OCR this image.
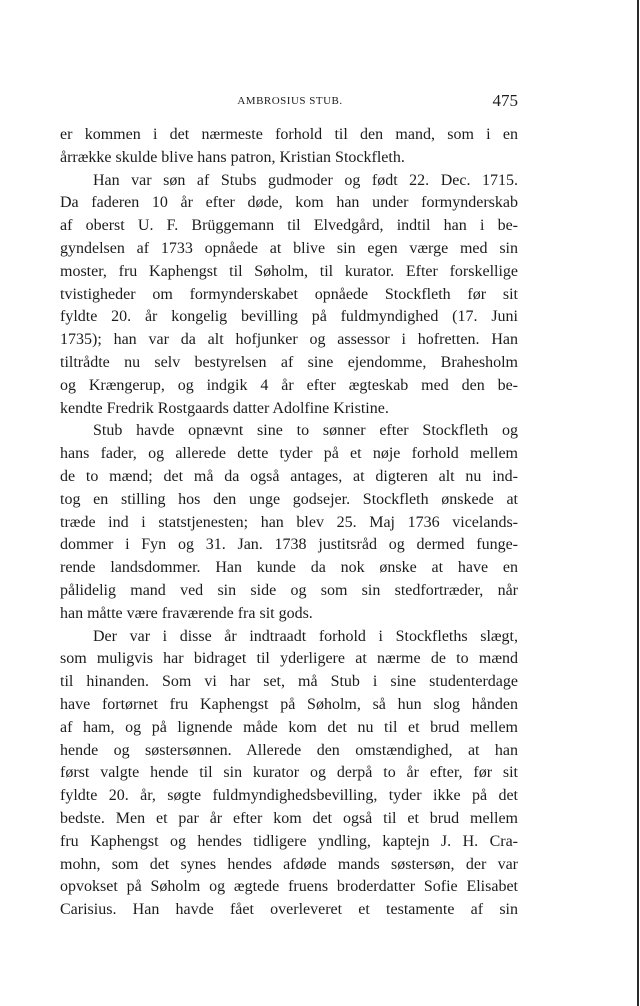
AMBROSIUS STUB.	475
er kommen i det nærmeste forhold til den mand, som i en
årrække skulde blive hans patron, Kristian Stockfleth.
Han var søn af Stubs gudmoder og født 22. Dec. 1715.
Da faderen 10 år efter døde, kom han under formynderskab
af oberst U. F. Brüggemann til Elvedgård, indtil han i be-
gyndelsen af 1733 opnåede at blive sin egen værge med sin
moster, fru Kaphengst til Søholm, til kurator. Efter forskellige
tvistigheder om formynderskabet opnåede Stockfleth før sit
fyldte 20. år kongelig bevilling på fuldmyndighed (17. Juni
1735); han var da alt hofjunker og assessor i hofretten. Han
tiltrådte nu selv bestyrelsen af sine ejendomme, Brahesholm
og Krængerup, og indgik 4 år efter ægteskab med den be-
kendte Fredrik Rostgaards datter Adolfine Kristine.
Stub havde opnævnt sine to sønner efter Stockfleth og
hans fader, og allerede dette tyder på et nøje forhold mellem
de to mænd; det må da også antages, at digteren alt nu ind-
tog en stilling hos den unge godsejer. Stockfleth ønskede at
træde ind i statstjenesten; han blev 25. Maj 1736 vicelands-
dommer i Fyn og 31. Jan. 1738 justitsråd og dermed funge-
rende landsdommer. Han kunde da nok ønske at have en
pålidelig mand ved sin side og som sin stedfortræder, når
han måtte være fraværende fra sit gods.
Der var i disse år indtraadt forhold i Stockfleths slægt,
som muligvis har bidraget til yderligere at nærme de to mænd
til hinanden. Som vi har set, må Stub i sine studenterdage
have fortørnet fru Kaphengst på Søholm, så hun slog hånden
af ham, og på lignende måde kom det nu til et brud mellem
hende og søstersønnen. Allerede den omstændighed, at han
først valgte hende til sin kurator og derpå to år efter, før sit
fyldte 20. år, søgte fuldmyndighedsbevilling, tyder ikke på det
bedste. Men et par år efter kom det også til et brud mellem
fru Kaphengst og hendes tidligere yndling, kaptejn J. H. Cra-
mohn, som det synes hendes afdøde mands søstersøn, der var
opvokset på Søholm og ægtede fruens broderdatter Sofie Elisabet
Carisius. Han havde fået overleveret et testamente af sin
